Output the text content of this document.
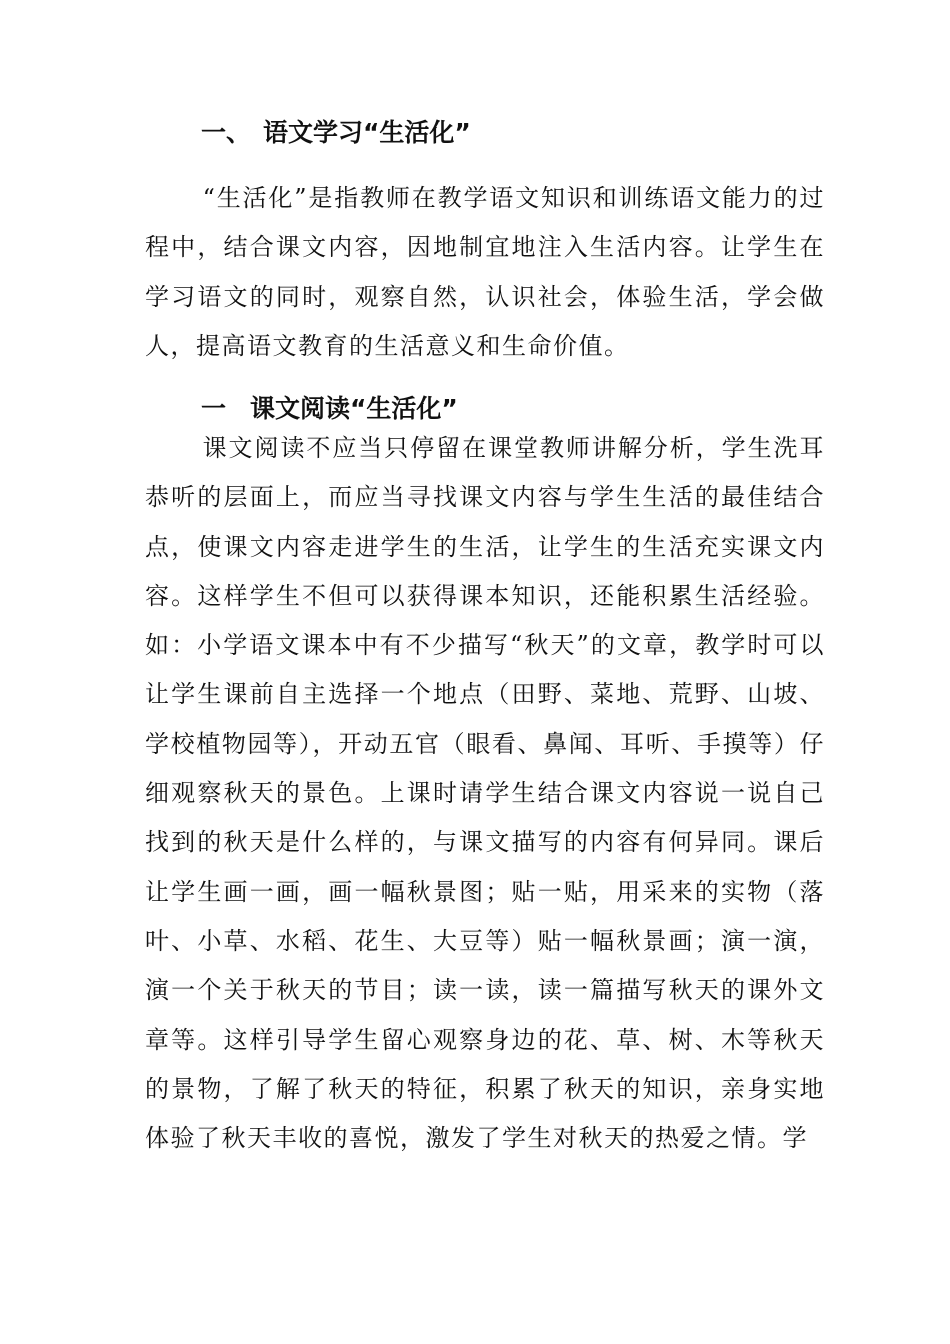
一、 语文学习“生活化”

“生活化”是指教师在教学语文知识和训练语文能力的过程中，结合课文内容，因地制宜地注入生活内容。让学生在学习语文的同时，观察自然，认识社会，体验生活，学会做人，提高语文教育的生活意义和生命价值。

一 课文阅读“生活化”

课文阅读不应当只停留在课堂教师讲解分析，学生洗耳恭听的层面上，而应当寻找课文内容与学生生活的最佳结合点，使课文内容走进学生的生活，让学生的生活充实课文内容。这样学生不但可以获得课本知识，还能积累生活经验。如：小学语文课本中有不少描写“秋天”的文章，教学时可以让学生课前自主选择一个地点（田野、菜地、荒野、山坡、学校植物园等），开动五官（眼看、鼻闻、耳听、手摸等）仔细观察秋天的景色。上课时请学生结合课文内容说一说自己找到的秋天是什么样的，与课文描写的内容有何异同。课后让学生画一画，画一幅秋景图；贴一贴，用采来的实物（落叶、小草、水稻、花生、大豆等）贴一幅秋景画；演一演，演一个关于秋天的节目；读一读，读一篇描写秋天的课外文章等。这样引导学生留心观察身边的花、草、树、木等秋天的景物，了解了秋天的特征，积累了秋天的知识，亲身实地体验了秋天丰收的喜悦，激发了学生对秋天的热爱之情。学
